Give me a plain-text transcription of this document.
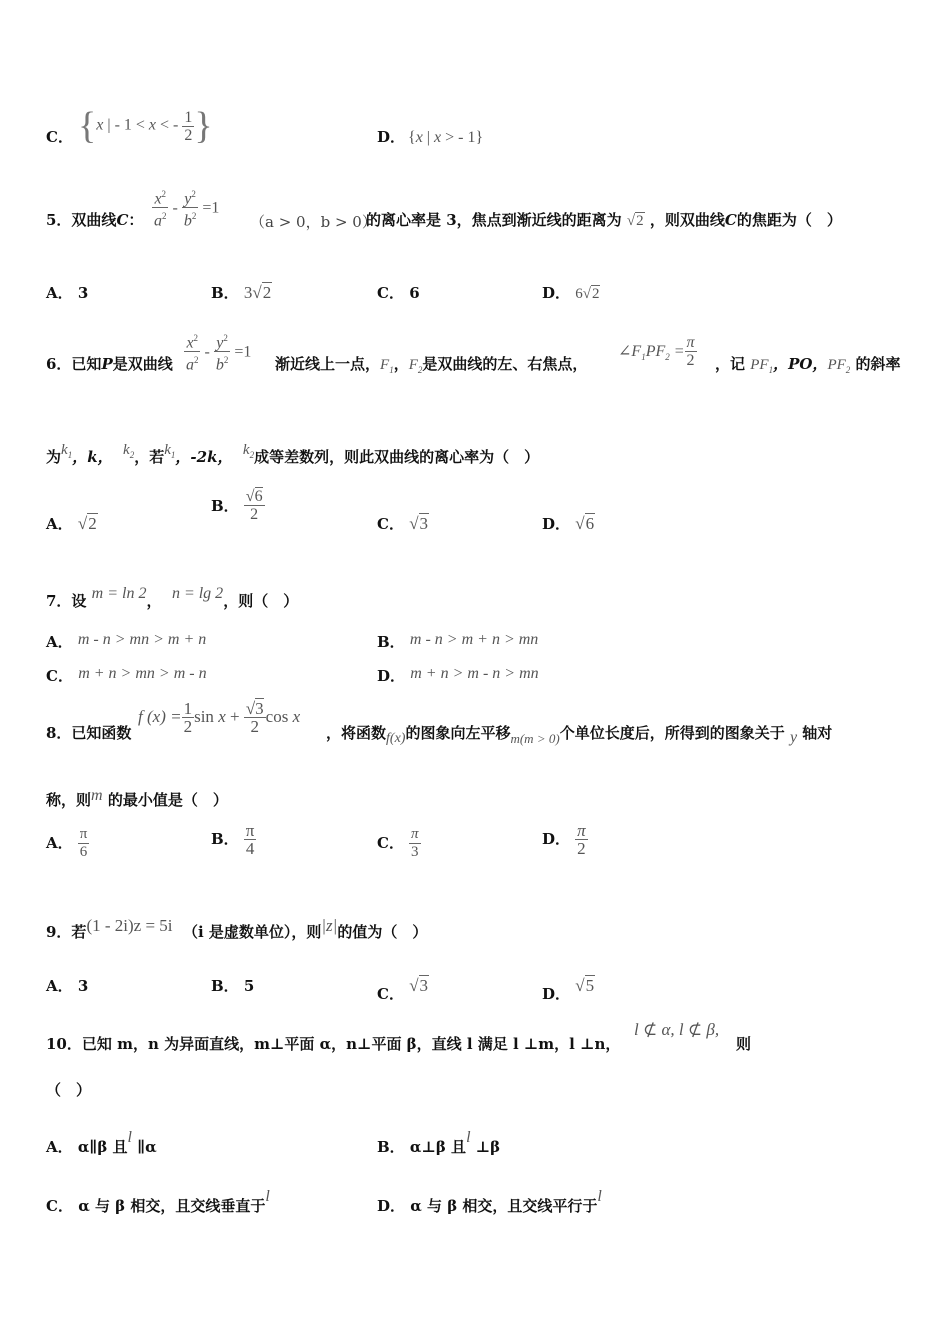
C． {x | - 1 < x < - $\frac{1}{2}$ }	D． {x | x > - 1}
5．双曲线C： $\frac{x^2}{a^2} - \frac{y^2}{b^2} =1$
（a > 0，b > 0）
的离心率是 3，焦点到渐近线的距离为 √2 ，则双曲线C的焦距为（　）
A． 3	B． 3√2	C． 6	D． 6√2
6．已知P是双曲线 $\frac{x^2}{a^2} - \frac{y^2}{b^2} =1$
渐近线上一点，$F_1$，$F_2$是双曲线的左、右焦点，
$\angle F_1PF_2 = \frac{\pi}{2}$ ，记 $PF_1$，PO，$PF_2$ 的斜率
为$k_1$，k， $k_2$，若$k_1$，-2k， $k_2$成等差数列，则此双曲线的离心率为（　）
A． √2
B． $\frac{√6}{2}$
C． √3	D． √6
7．设 m = ln 2， n = lg 2，则（　）
A． m - n > mn > m + n	B． m - n > m + n > mn
C． m + n > mn > m - n	D． m + n > m - n > mn
8．已知函数
f $(x) = \frac{1}{2}$ $\sin x + \frac{√3}{2}$ cos x
，将函数f(x)的图象向左平移m(m > 0)个单位长度后，所得到的图象关于 y 轴对
称，则m 的最小值是（　）
A． $\frac{\pi}{6}$	B． $\frac{\pi}{4}$	C． $\frac{\pi}{3}$	D． $\frac{\pi}{2}$
9．若(1 - 2i)z = 5i （i 是虚数单位），则|z|的值为（　）
A． 3	B． 5	C． √3	D． √5
10．已知 m，n 为异面直线，m⊥平面 α，n⊥平面 β，直线 l 满足 l ⊥m，l ⊥n，
l ⊄ α, l ⊄ β,
则
（　）
A． α∥β 且l ∥α	B． α⊥β 且l ⊥β
C． α 与 β 相交，且交线垂直于l
D． α 与 β 相交，且交线平行于l
